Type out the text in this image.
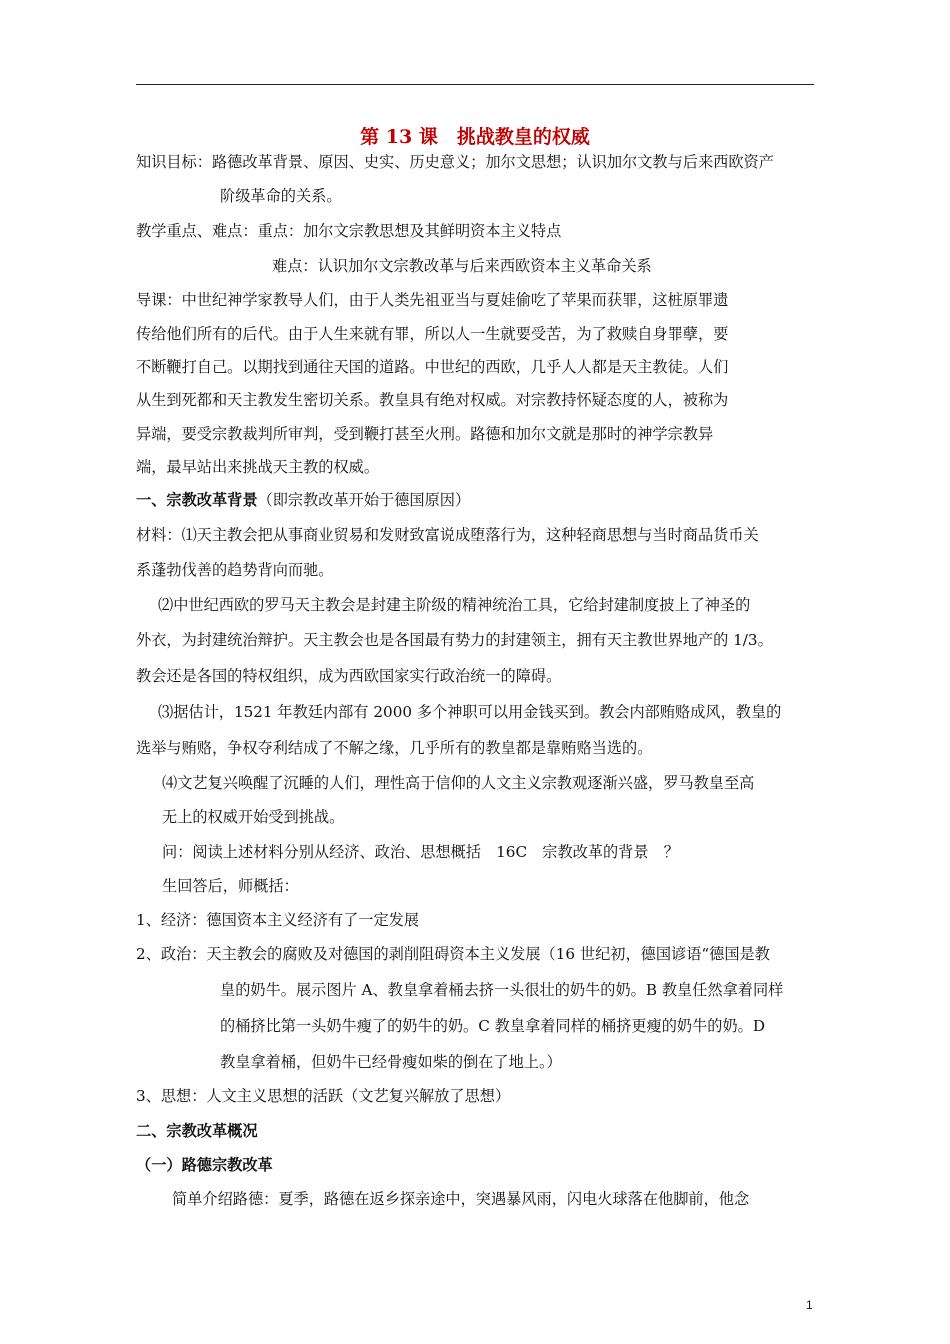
第 13 课　挑战教皇的权威
知识目标：路德改革背景、原因、史实、历史意义；加尔文思想；认识加尔文教与后来西欧资产
阶级革命的关系。
教学重点、难点：重点：加尔文宗教思想及其鲜明资本主义特点
难点：认识加尔文宗教改革与后来西欧资本主义革命关系
导课：中世纪神学家教导人们，由于人类先祖亚当与夏娃偷吃了苹果而获罪，这桩原罪遗
传给他们所有的后代。由于人生来就有罪，所以人一生就要受苦，为了救赎自身罪孽，要
不断鞭打自己。以期找到通往天国的道路。中世纪的西欧，几乎人人都是天主教徒。人们
从生到死都和天主教发生密切关系。教皇具有绝对权威。对宗教持怀疑态度的人，被称为
异端，要受宗教裁判所审判，受到鞭打甚至火刑。路德和加尔文就是那时的神学宗教异
端，最早站出来挑战天主教的权威。
一、宗教改革背景（即宗教改革开始于德国原因）
材料：⑴天主教会把从事商业贸易和发财致富说成堕落行为，这种轻商思想与当时商品货币关
系蓬勃伐善的趋势背向而驰。
⑵中世纪西欧的罗马天主教会是封建主阶级的精神统治工具，它给封建制度披上了神圣的
外衣，为封建统治辩护。天主教会也是各国最有势力的封建领主，拥有天主教世界地产的 1/3。
教会还是各国的特权组织，成为西欧国家实行政治统一的障碍。
⑶据估计，1521 年教廷内部有 2000 多个神职可以用金钱买到。教会内部贿赂成风，教皇的
选举与贿赂，争权夺利结成了不解之缘，几乎所有的教皇都是靠贿赂当选的。
⑷文艺复兴唤醒了沉睡的人们，理性高于信仰的人文主义宗教观逐渐兴盛，罗马教皇至高
无上的权威开始受到挑战。
问：阅读上述材料分别从经济、政治、思想概括　16C　宗教改革的背景　？
生回答后，师概括：
1、经济：德国资本主义经济有了一定发展
2、政治：天主教会的腐败及对德国的剥削阻碍资本主义发展（16 世纪初，德国谚语“德国是教
皇的奶牛。展示图片 A、教皇拿着桶去挤一头很壮的奶牛的奶。B 教皇任然拿着同样
的桶挤比第一头奶牛瘦了的奶牛的奶。C 教皇拿着同样的桶挤更瘦的奶牛的奶。D
教皇拿着桶，但奶牛已经骨瘦如柴的倒在了地上。）
3、思想：人文主义思想的活跃（文艺复兴解放了思想）
二、宗教改革概况
（一）路德宗教改革
简单介绍路德：夏季，路德在返乡探亲途中，突遇暴风雨，闪电火球落在他脚前，他念
1
